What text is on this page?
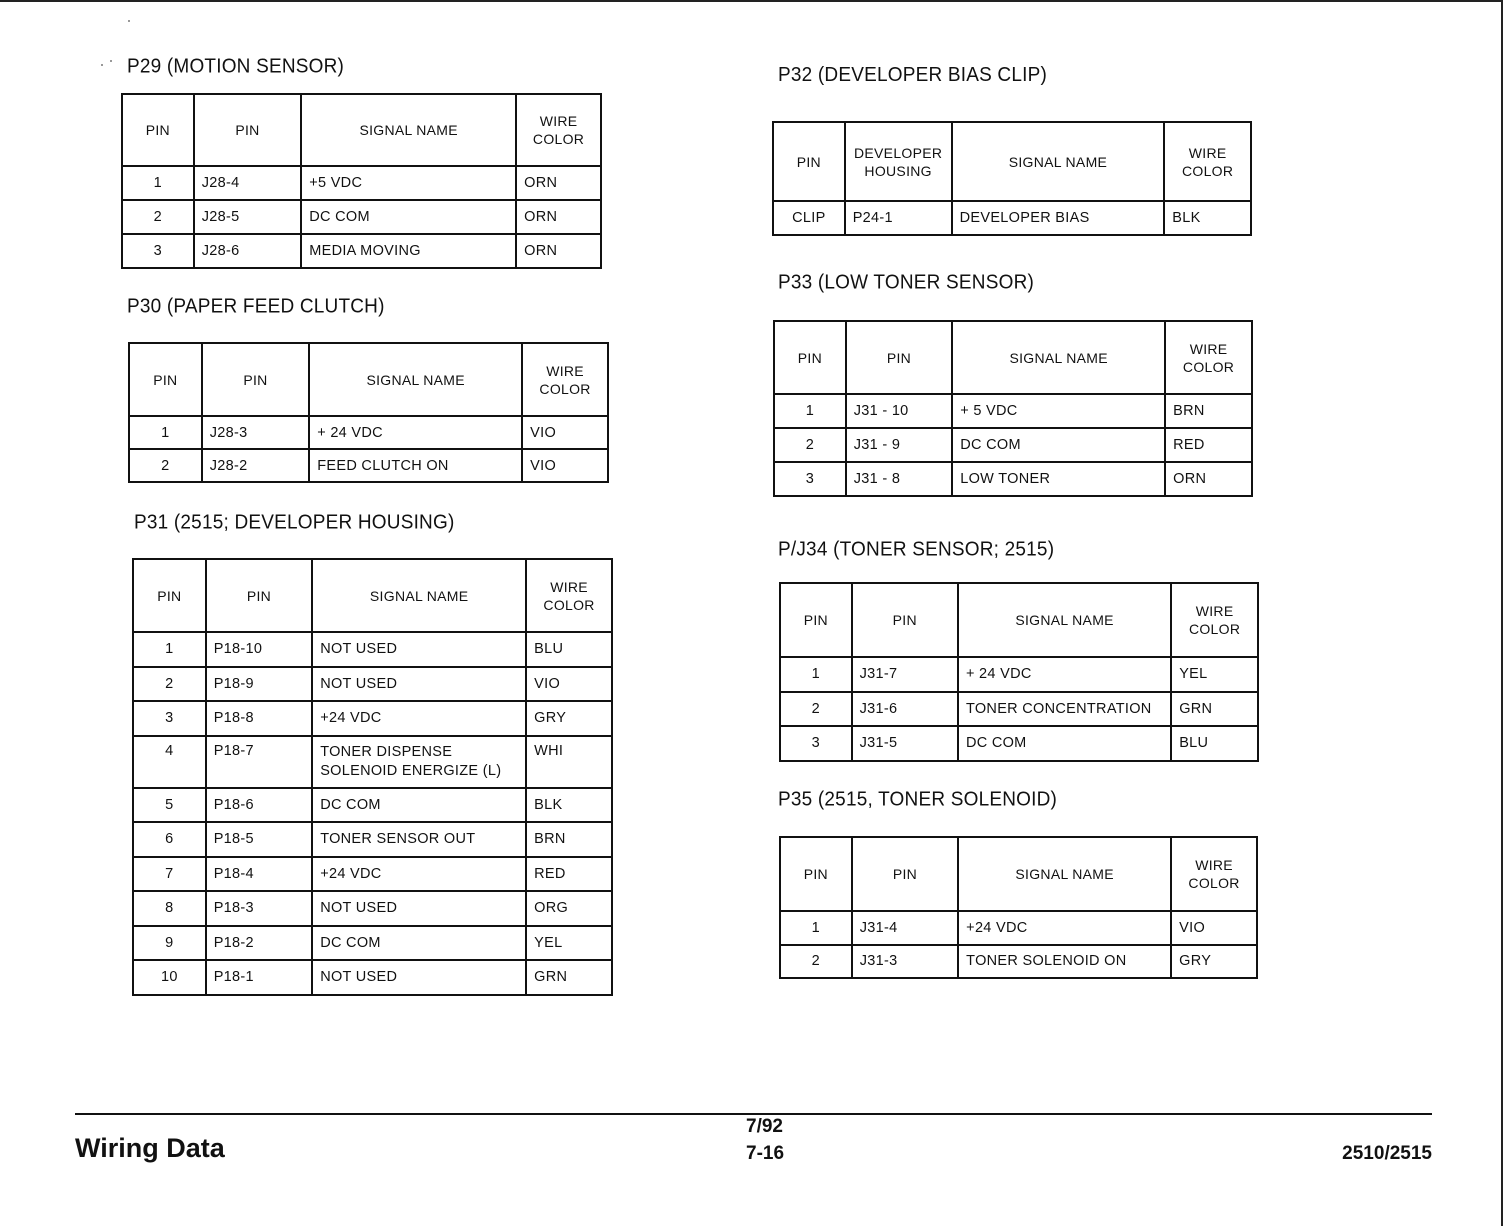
P29 (MOTION SENSOR)
PIN	PIN	SIGNAL NAME	WIRE
COLOR
1	J28-4	+5 VDC	ORN
2	J28-5	DC COM	ORN
3	J28-6	MEDIA MOVING	ORN
P30 (PAPER FEED CLUTCH)
PIN	PIN	SIGNAL NAME	WIRE
COLOR
1	J28-3	+ 24 VDC	VIO
2	J28-2	FEED CLUTCH ON	VIO
P31 (2515; DEVELOPER HOUSING)
PIN	PIN	SIGNAL NAME	WIRE
COLOR
1	P18-10	NOT USED	BLU
2	P18-9	NOT USED	VIO
3	P18-8	+24 VDC	GRY
4	P18-7	TONER DISPENSE
SOLENOID ENERGIZE (L)	WHI
5	P18-6	DC COM	BLK
6	P18-5	TONER SENSOR OUT	BRN
7	P18-4	+24 VDC	RED
8	P18-3	NOT USED	ORG
9	P18-2	DC COM	YEL
10	P18-1	NOT USED	GRN
P32 (DEVELOPER BIAS CLIP)
PIN	DEVELOPER
HOUSING	SIGNAL NAME	WIRE
COLOR
CLIP	P24-1	DEVELOPER BIAS	BLK
P33 (LOW TONER SENSOR)
PIN	PIN	SIGNAL NAME	WIRE
COLOR
1	J31 - 10	+ 5 VDC	BRN
2	J31 - 9	DC COM	RED
3	J31 - 8	LOW TONER	ORN
P/J34 (TONER SENSOR; 2515)
PIN	PIN	SIGNAL NAME	WIRE
COLOR
1	J31-7	+ 24 VDC	YEL
2	J31-6	TONER CONCENTRATION	GRN
3	J31-5	DC COM	BLU
P35 (2515, TONER SOLENOID)
PIN	PIN	SIGNAL NAME	WIRE
COLOR
1	J31-4	+24 VDC	VIO
2	J31-3	TONER SOLENOID ON	GRY
Wiring Data
7/92
7-16	2510/2515
